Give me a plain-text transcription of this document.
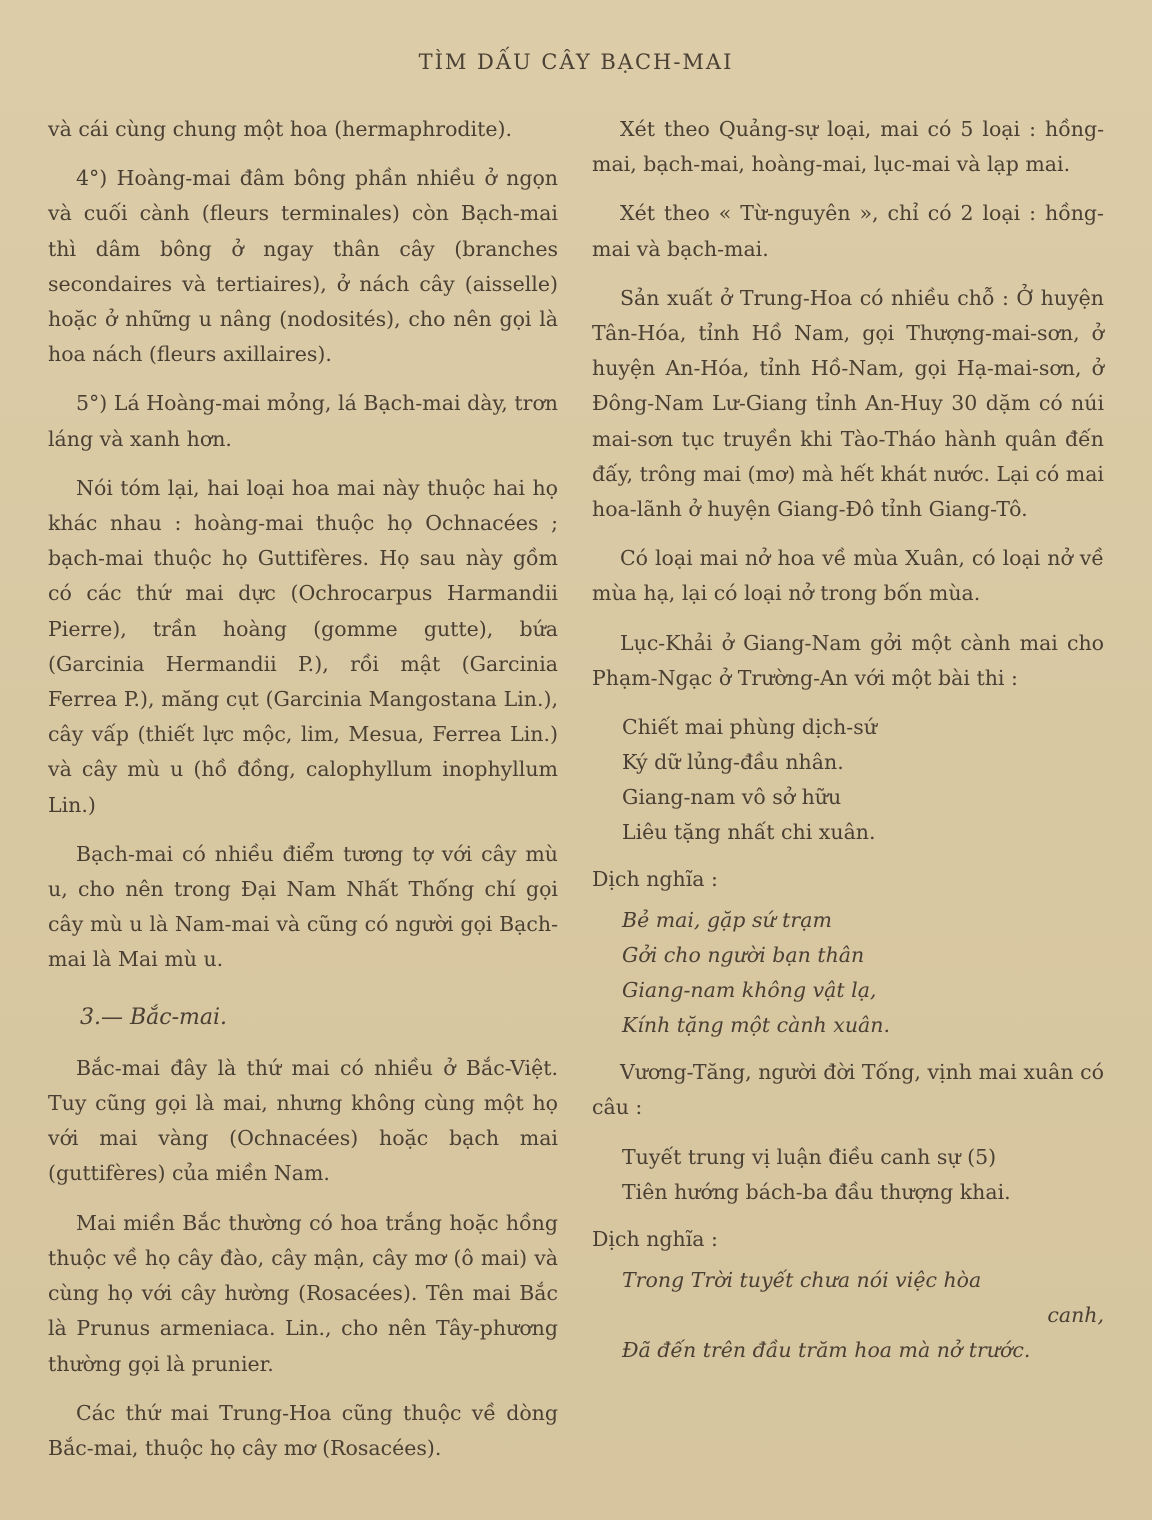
TÌM DẤU CÂY BẠCH-MAI

và cái cùng chung một hoa (hermaphrodite).

4°) Hoàng-mai đâm bông phần nhiều ở ngọn và cuối cành (fleurs terminales) còn Bạch-mai thì dâm bông ở ngay thân cây (branches secondaires và tertiaires), ở nách cây (aisselle) hoặc ở những u nâng (nodosités), cho nên gọi là hoa nách (fleurs axillaires).

5°) Lá Hoàng-mai mỏng, lá Bạch-mai dày, trơn láng và xanh hơn.

Nói tóm lại, hai loại hoa mai này thuộc hai họ khác nhau : hoàng-mai thuộc họ Ochnacées ; bạch-mai thuộc họ Guttifères. Họ sau này gồm có các thứ mai dực (Ochrocarpus Harmandii Pierre), trần hoàng (gomme gutte), bứa (Garcinia Hermandii P.), rồi mật (Garcinia Ferrea P.), măng cụt (Garcinia Mangostana Lin.), cây vấp (thiết lực mộc, lim, Mesua, Ferrea Lin.) và cây mù u (hồ đồng, calophyllum inophyllum Lin.)

Bạch-mai có nhiều điểm tương tợ với cây mù u, cho nên trong Đại Nam Nhất Thống chí gọi cây mù u là Nam-mai và cũng có người gọi Bạch-mai là Mai mù u.

3.— Bắc-mai.

Bắc-mai đây là thứ mai có nhiều ở Bắc-Việt. Tuy cũng gọi là mai, nhưng không cùng một họ với mai vàng (Ochnacées) hoặc bạch mai (guttifères) của miền Nam.

Mai miền Bắc thường có hoa trắng hoặc hồng thuộc về họ cây đào, cây mận, cây mơ (ô mai) và cùng họ với cây hường (Rosacées). Tên mai Bắc là Prunus armeniaca. Lin., cho nên Tây-phương thường gọi là prunier.

Các thứ mai Trung-Hoa cũng thuộc về dòng Bắc-mai, thuộc họ cây mơ (Rosacées).

Xét theo Quảng-sự loại, mai có 5 loại : hồng-mai, bạch-mai, hoàng-mai, lục-mai và lạp mai.

Xét theo « Từ-nguyên », chỉ có 2 loại : hồng-mai và bạch-mai.

Sản xuất ở Trung-Hoa có nhiều chỗ : Ở huyện Tân-Hóa, tỉnh Hồ Nam, gọi Thượng-mai-sơn, ở huyện An-Hóa, tỉnh Hồ-Nam, gọi Hạ-mai-sơn, ở Đông-Nam Lư-Giang tỉnh An-Huy 30 dặm có núi mai-sơn tục truyền khi Tào-Tháo hành quân đến đấy, trông mai (mơ) mà hết khát nước. Lại có mai hoa-lãnh ở huyện Giang-Đô tỉnh Giang-Tô.

Có loại mai nở hoa về mùa Xuân, có loại nở về mùa hạ, lại có loại nở trong bốn mùa.

Lục-Khải ở Giang-Nam gởi một cành mai cho Phạm-Ngạc ở Trường-An với một bài thi :

Chiết mai phùng dịch-sứ
Ký dữ lủng-đầu nhân.
Giang-nam vô sở hữu
Liêu tặng nhất chi xuân.
Dịch nghĩa :
Bẻ mai, gặp sứ trạm
Gởi cho người bạn thân
Giang-nam không vật lạ,
Kính tặng một cành xuân.

Vương-Tăng, người đời Tống, vịnh mai xuân có câu :

Tuyết trung vị luận điều canh sự (5)
Tiên hướng bách-ba đầu thượng khai.
Dịch nghĩa :
Trong Trời tuyết chưa nói việc hòa
canh,
Đã đến trên đầu trăm hoa mà nở trước.
